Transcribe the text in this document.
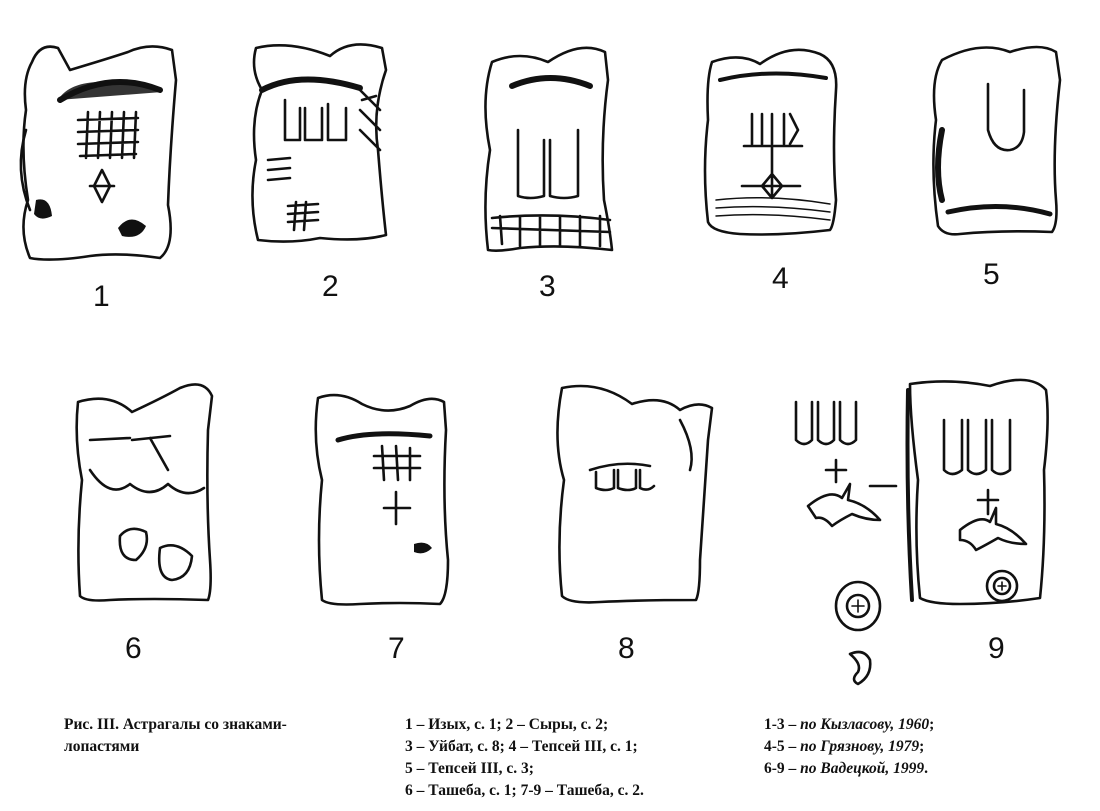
1	2	3	4	5
6	7	8	9
Рис. III. Астрагалы со знаками-
лопастями
1 – Изых, с. 1; 2 – Сыры, с. 2;
3 – Уйбат, с. 8; 4 – Тепсей III, с. 1;
5 – Тепсей III, с. 3;
6 – Ташеба, с. 1; 7-9 – Ташеба, с. 2.
1-3 – по Кызласову, 1960;
4-5 – по Грязнову, 1979;
6-9 – по Вадецкой, 1999.
